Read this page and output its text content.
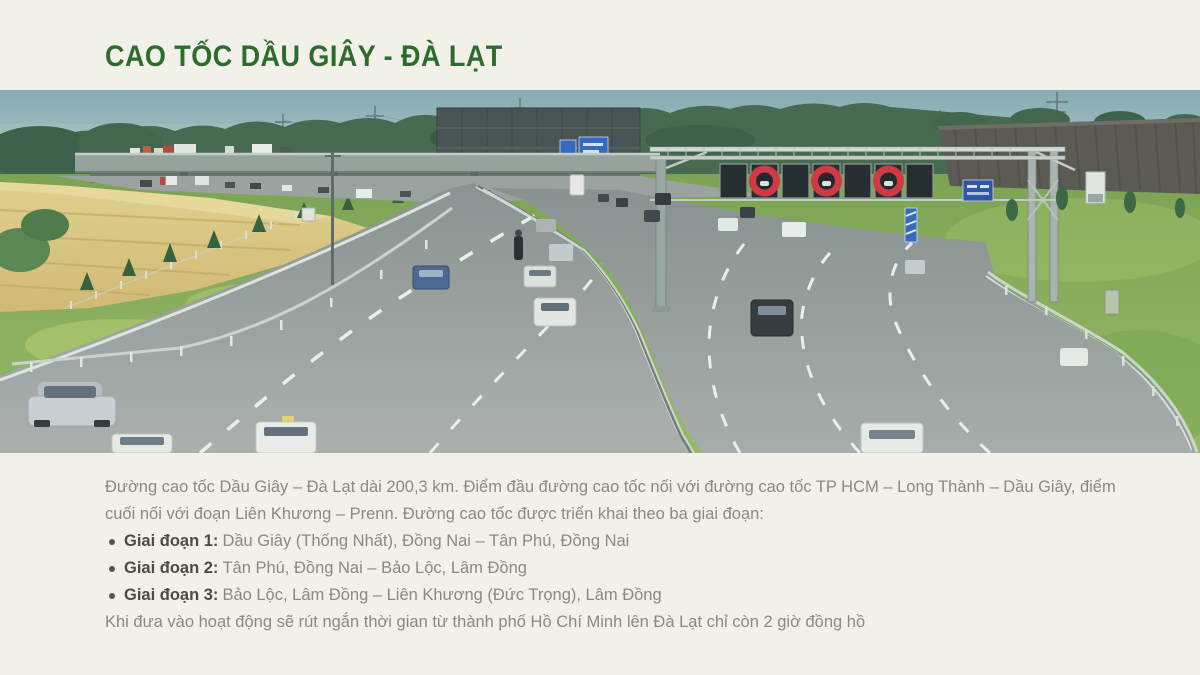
CAO TỐC DẦU GIÂY - ĐÀ LẠT

Đường cao tốc Dầu Giây – Đà Lạt dài 200,3 km. Điểm đầu đường cao tốc nối với đường cao tốc TP HCM – Long Thành – Dầu Giây, điểm cuối nối với đoạn Liên Khương – Prenn. Đường cao tốc được triển khai theo ba giai đoạn:

Giai đoạn 1: Dầu Giây (Thống Nhất), Đồng Nai – Tân Phú, Đồng Nai
Giai đoạn 2: Tân Phú, Đồng Nai – Bảo Lộc, Lâm Đồng
Giai đoạn 3: Bảo Lộc, Lâm Đồng – Liên Khương (Đức Trọng), Lâm Đồng

Khi đưa vào hoạt động sẽ rút ngắn thời gian từ thành phố Hồ Chí Minh lên Đà Lạt chỉ còn 2 giờ đồng hồ
